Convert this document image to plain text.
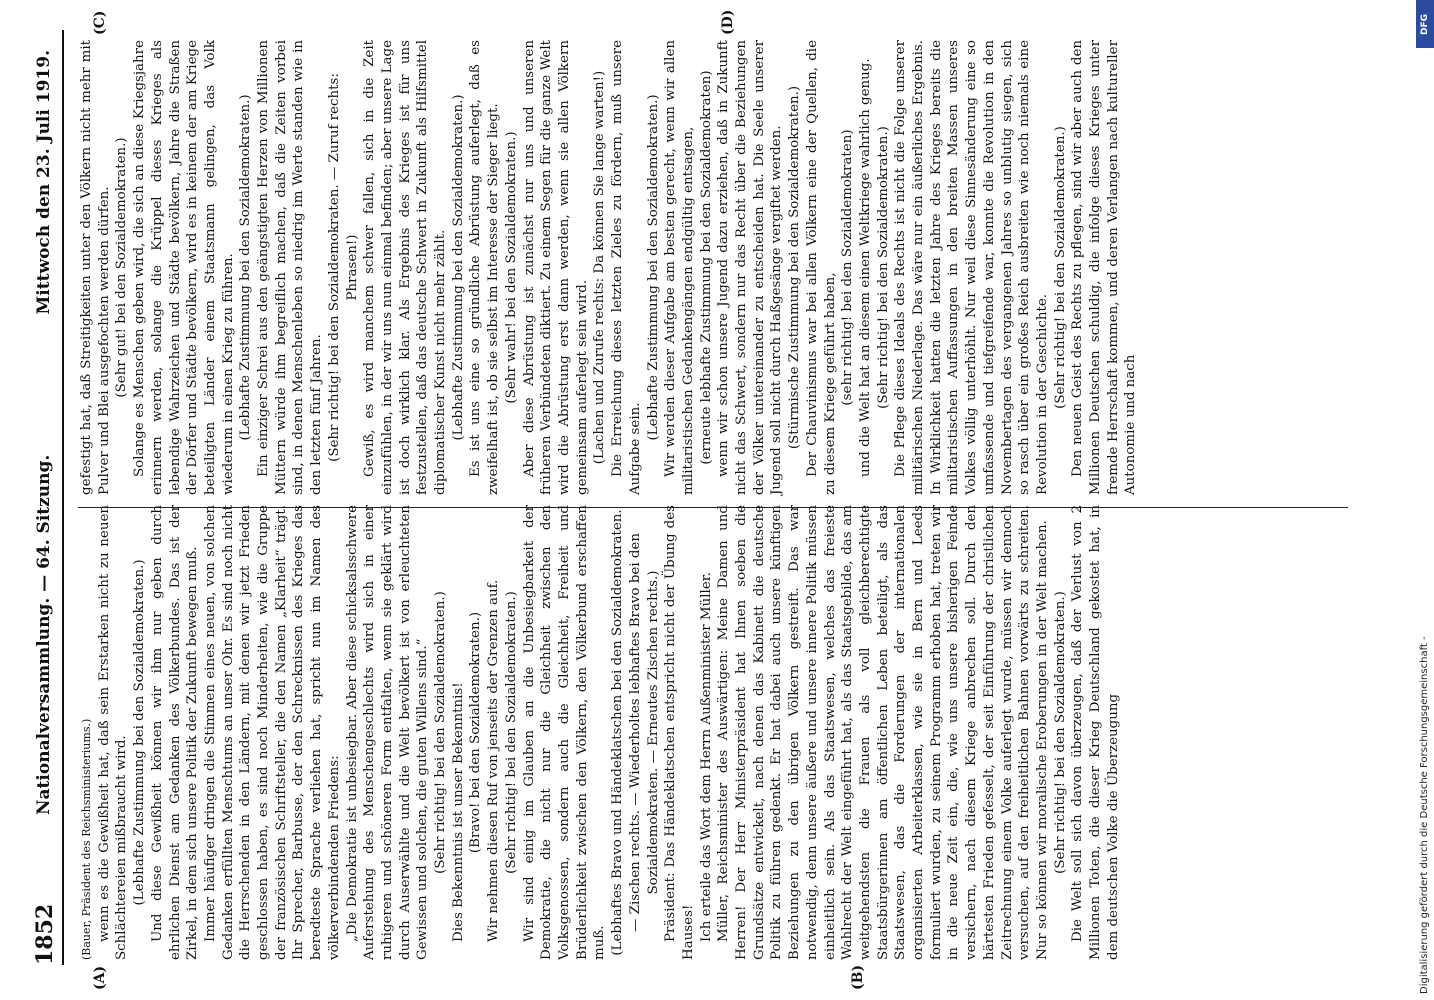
1852
Nationalversammlung. — 64. Sitzung.
Mittwoch den 23. Juli 1919.
(A)	(B)
(C)	(D)

(Bauer, Präsident des Reichsministeriums.) wenn es die Gewißheit hat, daß sein Erstarken nicht zu neuen Schlächtereien mißbraucht wird. (Lebhafte Zustimmung bei den Sozialdemokraten.) Und diese Gewißheit können wir ihm nur geben durch ehrlichen Dienst am Gedanken des Völkerbundes. Das ist der Zirkel, in dem sich unsere Politik der Zukunft bewegen muß. Immer häufiger dringen die Stimmen eines neuen, von solchen Gedanken erfüllten Menschtums an unser Ohr. Es sind noch nicht die Herrschenden in den Ländern, mit denen wir jetzt Frieden geschlossen haben, es sind noch Minderheiten, wie die Gruppe der französischen Schriftsteller, die den Namen „Klarheit“ trägt. Ihr Sprecher, Barbusse, der den Schrecknissen des Krieges das beredteste Sprache verliehen hat, spricht nun im Namen des völkerverbindenden Friedens: „Die Demokratie ist unbesiegbar. Aber diese schicksalsschwere Auferstehung des Menschengeschlechts wird sich in einer ruhigeren und schöneren Form entfalten, wenn sie geklärt wird durch Auserwählte und die Welt bevölkert ist von erleuchteten Gewissen und solchen, die guten Willens sind.“ (Sehr richtig! bei den Sozialdemokraten.) Dies Bekenntnis ist unser Bekenntnis! (Bravo! bei den Sozialdemokraten.) Wir nehmen diesen Ruf von jenseits der Grenzen auf. (Sehr richtig! bei den Sozialdemokraten.) Wir sind einig im Glauben an die Unbesiegbarkeit der Demokratie, die nicht nur die Gleichheit zwischen den Volksgenossen, sondern auch die Gleichheit, Freiheit und Brüderlichkeit zwischen den Völkern, den Völkerbund erschaffen muß. (Lebhaftes Bravo und Händeklatschen bei den Sozialdemokraten. — Zischen rechts. — Wiederholtes lebhaftes Bravo bei den Sozialdemokraten. — Erneutes Zischen rechts.) Präsident: Das Händeklatschen entspricht nicht der Übung des Hauses! Ich erteile das Wort dem Herrn Außenminister Müller. Müller, Reichsminister des Auswärtigen: Meine Damen und Herren! Der Herr Ministerpräsident hat Ihnen soeben die Grundsätze entwickelt, nach denen das Kabinett die deutsche Politik zu führen gedenkt. Er hat dabei auch unsere künftigen Beziehungen zu den übrigen Völkern gestreift. Das war notwendig, denn unsere äußere und unsere innere Politik müssen einheitlich sein. Als das Staatswesen, welches das freieste Wahlrecht der Welt eingeführt hat, als das Staatsgebilde, das am weitgehendsten die Frauen als voll gleichberechtigte Staatsbürgerinnen am öffentlichen Leben beteiligt, als das Staatswesen, das die Forderungen der internationalen organisierten Arbeiterklassen, wie sie in Bern und Leeds formuliert wurden, zu seinem Programm erhoben hat, treten wir in die neue Zeit ein, die, wie uns unsere bisherigen Feinde versichern, nach diesem Kriege anbrechen soll. Durch den härtesten Frieden gefesselt, der seit Einführung der christlichen Zeitrechnung einem Volke auferlegt wurde, müssen wir dennoch versuchen, auf den freiheitlichen Bahnen vorwärts zu schreiten. Nur so können wir moralische Eroberungen in der Welt machen. (Sehr richtig! bei den Sozialdemokraten.) Die Welt soll sich davon überzeugen, daß der Verlust von 2 Millionen Toten, die dieser Krieg Deutschland gekostet hat, in dem deutschen Volke die Überzeugung

gefestigt hat, daß Streitigkeiten unter den Völkern nicht mehr mit Pulver und Blei ausgefochten werden dürfen. (Sehr gut! bei den Sozialdemokraten.) Solange es Menschen geben wird, die sich an diese Kriegsjahre erinnern werden, solange die Krüppel dieses Krieges als lebendige Wahrzeichen und Städte bevölkern, Jahre die Straßen der Dörfer und Städte bevölkern, wird es in keinem der am Kriege beteiligten Länder einem Staatsmann gelingen, das Volk wiederum in einen Krieg zu führen. (Lebhafte Zustimmung bei den Sozialdemokraten.) Ein einziger Schrei aus den geängstigten Herzen von Millionen Müttern würde ihm begreiflich machen, daß die Zeiten vorbei sind, in denen Menschenleben so niedrig im Werte standen wie in den letzten fünf Jahren. (Sehr richtig! bei den Sozialdemokraten. — Zuruf rechts: Phrasen!) Gewiß, es wird manchem schwer fallen, sich in die Zeit einzufühlen, in der wir uns nun einmal befinden; aber unsere Lage ist doch wirklich klar. Als Ergebnis des Krieges ist für uns festzustellen, daß das deutsche Schwert in Zukunft als Hilfsmittel diplomatischer Kunst nicht mehr zählt. (Lebhafte Zustimmung bei den Sozialdemokraten.) Es ist uns eine so gründliche Abrüstung auferlegt, daß es zweifelhaft ist, ob sie selbst im Interesse der Sieger liegt. (Sehr wahr! bei den Sozialdemokraten.) Aber diese Abrüstung ist zunächst nur uns und unseren früheren Verbündeten diktiert. Zu einem Segen für die ganze Welt wird die Abrüstung erst dann werden, wenn sie allen Völkern gemeinsam auferlegt sein wird. (Lachen und Zurufe rechts: Da können Sie lange warten!) Die Erreichung dieses letzten Zieles zu fördern, muß unsere Aufgabe sein.

(Lebhafte Zustimmung bei den Sozialdemokraten.) Wir werden dieser Aufgabe am besten gerecht, wenn wir allen militaristischen Gedankengängen endgültig entsagen, (erneute lebhafte Zustimmung bei den Sozialdemokraten) wenn wir schon unsere Jugend dazu erziehen, daß in Zukunft nicht das Schwert, sondern nur das Recht über die Beziehungen der Völker untereinander zu entscheiden hat. Die Seele unserer Jugend soll nicht durch Haßgesänge vergiftet werden. (Stürmische Zustimmung bei den Sozialdemokraten.) Der Chauvinismus war bei allen Völkern eine der Quellen, die zu diesem Kriege geführt haben, (sehr richtig! bei den Sozialdemokraten) und die Welt hat an diesem einen Weltkriege wahrlich genug. (Sehr richtig! bei den Sozialdemokraten.) Die Pflege dieses Ideals des Rechts ist nicht die Folge unserer militärischen Niederlage. Das wäre nur ein äußerliches Ergebnis. In Wirklichkeit hatten die letzten Jahre des Krieges bereits die militaristischen Auffassungen in den breiten Massen unseres Volkes völlig unterhöhlt. Nur weil diese Sinnesänderung eine so umfassende und tiefgreifende war, konnte die Revolution in den Novembertagen des vergangenen Jahres so unblutig siegen, sich so rasch über ein großes Reich ausbreiten wie noch niemals eine Revolution in der Geschichte. (Sehr richtig! bei den Sozialdemokraten.) Den neuen Geist des Rechts zu pflegen, sind wir aber auch den Millionen Deutschen schuldig, die infolge dieses Krieges unter fremde Herrschaft kommen, und deren Verlangen nach kultureller Autonomie und nach

DFG
Digitalisierung gefördert durch die Deutsche Forschungsgemeinschaft -
